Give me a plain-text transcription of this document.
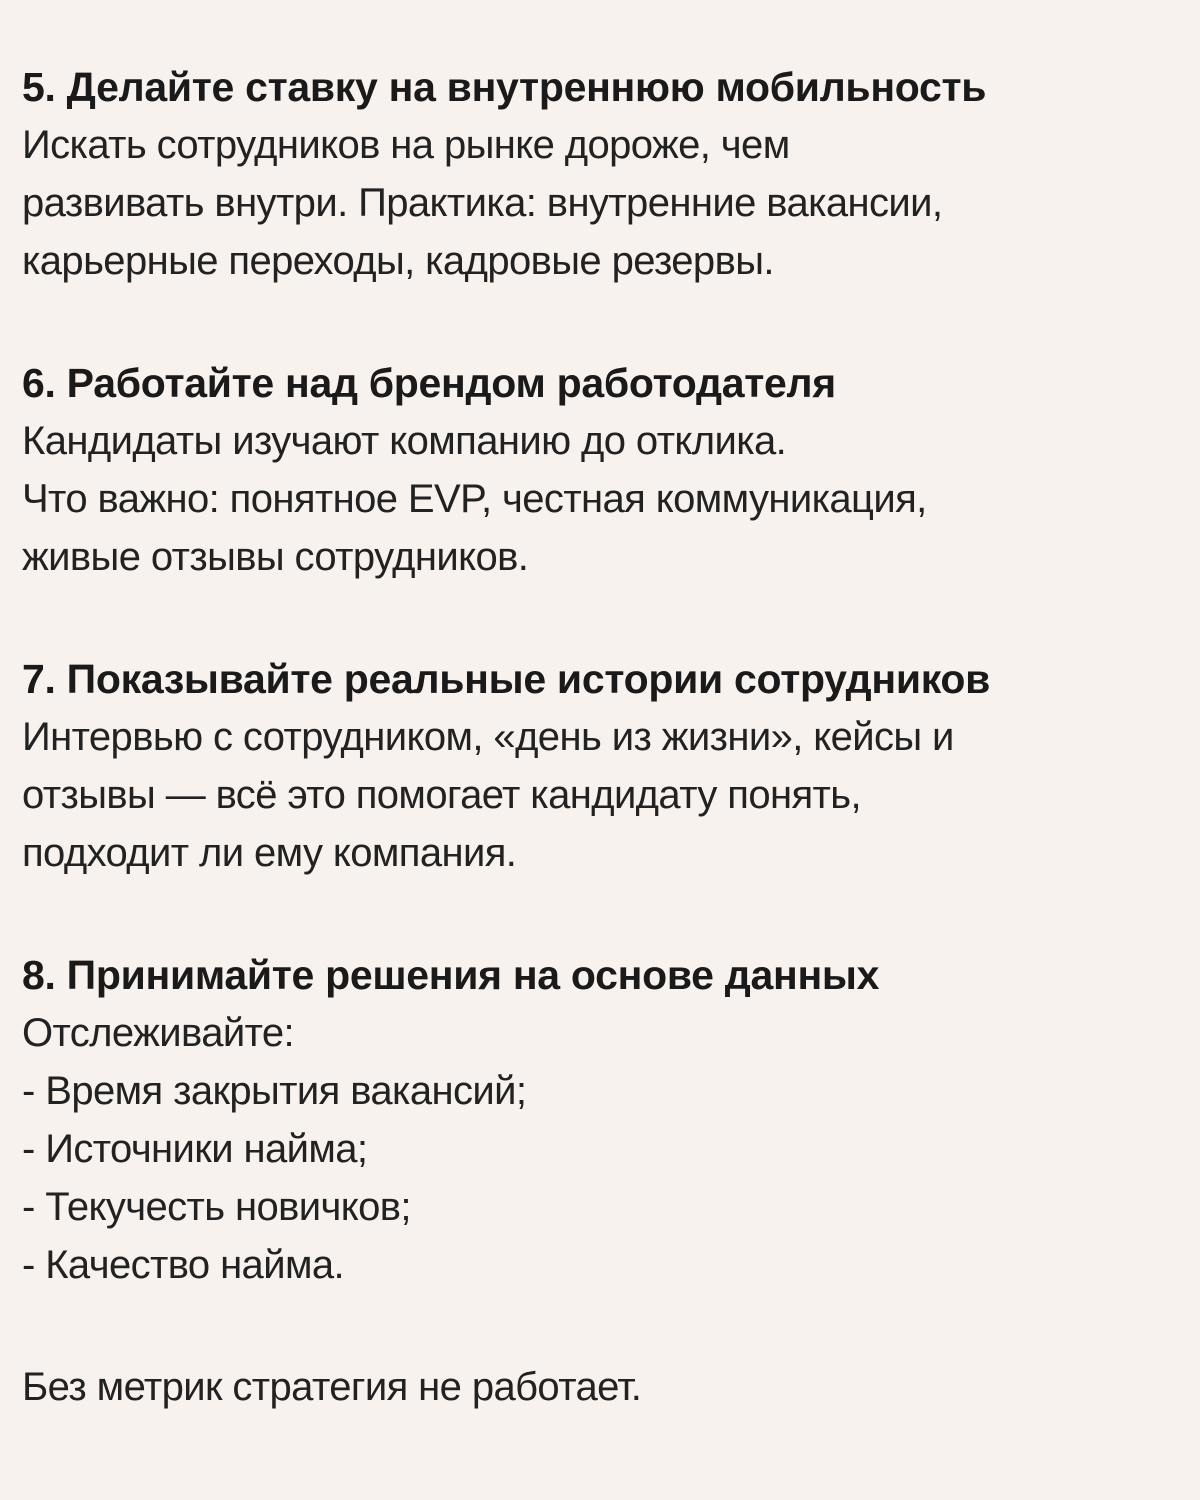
5. Делайте ставку на внутреннюю мобильность
Искать сотрудников на рынке дороже, чем
развивать внутри. Практика: внутренние вакансии,
карьерные переходы, кадровые резервы.
6. Работайте над брендом работодателя
Кандидаты изучают компанию до отклика.
Что важно: понятное EVP, честная коммуникация,
живые отзывы сотрудников.
7. Показывайте реальные истории сотрудников
Интервью с сотрудником, «день из жизни», кейсы и
отзывы — всё это помогает кандидату понять,
подходит ли ему компания.
8. Принимайте решения на основе данных
Отслеживайте:
- Время закрытия вакансий;
- Источники найма;
- Текучесть новичков;
- Качество найма.
Без метрик стратегия не работает.
